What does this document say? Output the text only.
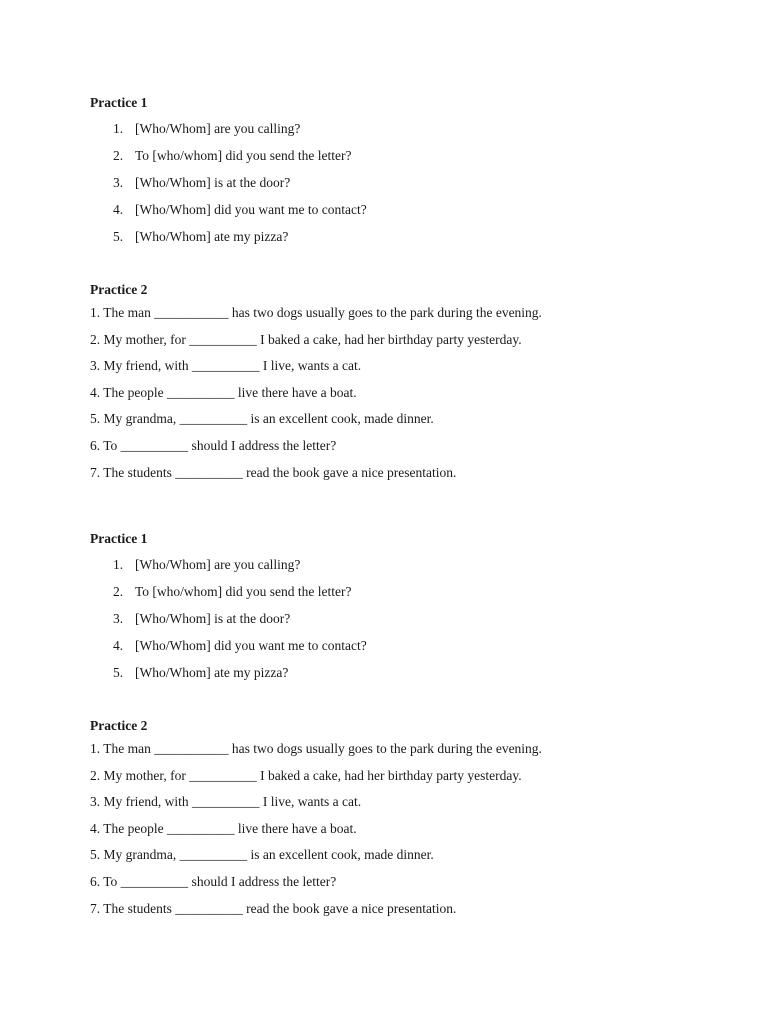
Practice 1

1. [Who/Whom] are you calling?
2. To [who/whom] did you send the letter?
3. [Who/Whom] is at the door?
4. [Who/Whom] did you want me to contact?
5. [Who/Whom] ate my pizza?

Practice 2

1. The man ___________ has two dogs usually goes to the park during the evening.
2. My mother, for __________ I baked a cake, had her birthday party yesterday.
3. My friend, with __________ I live, wants a cat.
4. The people __________ live there have a boat.
5. My grandma, __________ is an excellent cook, made dinner.
6. To __________ should I address the letter?
7. The students __________ read the book gave a nice presentation.

Practice 1

1. [Who/Whom] are you calling?
2. To [who/whom] did you send the letter?
3. [Who/Whom] is at the door?
4. [Who/Whom] did you want me to contact?
5. [Who/Whom] ate my pizza?

Practice 2

1. The man ___________ has two dogs usually goes to the park during the evening.
2. My mother, for __________ I baked a cake, had her birthday party yesterday.
3. My friend, with __________ I live, wants a cat.
4. The people __________ live there have a boat.
5. My grandma, __________ is an excellent cook, made dinner.
6. To __________ should I address the letter?
7. The students __________ read the book gave a nice presentation.
